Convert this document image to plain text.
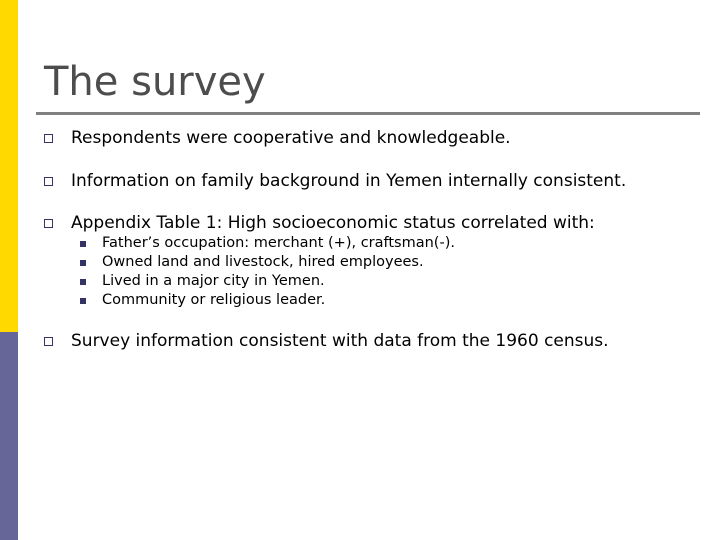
The survey
Respondents were cooperative and knowledgeable.
Information on family background in Yemen internally consistent.
Appendix Table 1: High socioeconomic status correlated with:
Father’s occupation: merchant (+), craftsman(-).
Owned land and livestock, hired employees.
Lived in a major city in Yemen.
Community or religious leader.
Survey information consistent with data from the 1960 census.
